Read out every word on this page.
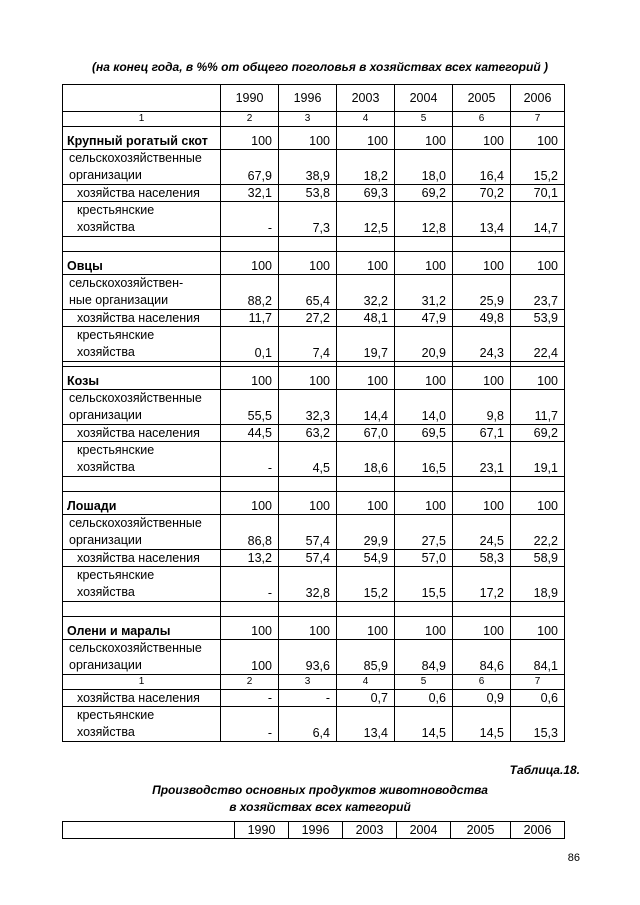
(на конец года, в %% от общего поголовья в хозяйствах всех категорий )
	1990	1996	2003	2004	2005	2006
1	2	3	4	5	6	7
Крупный рогатый скот	100	100	100	100	100	100

сельскохозяйственные
организации	67,9	38,9	18,2	18,0	16,4	15,2
хозяйства населения	32,1	53,8	69,3	69,2	70,2	70,1

крестьянские
хозяйства	-	7,3	12,5	12,8	13,4	14,7

Овцы	100	100	100	100	100	100

сельскохозяйствен-
ные организации	88,2	65,4	32,2	31,2	25,9	23,7
хозяйства населения	11,7	27,2	48,1	47,9	49,8	53,9

крестьянские
хозяйства	0,1	7,4	19,7	20,9	24,3	22,4

Козы	100	100	100	100	100	100

сельскохозяйственные
организации	55,5	32,3	14,4	14,0	9,8	11,7
хозяйства населения	44,5	63,2	67,0	69,5	67,1	69,2

крестьянские
хозяйства	-	4,5	18,6	16,5	23,1	19,1

Лошади	100	100	100	100	100	100

сельскохозяйственные
организации	86,8	57,4	29,9	27,5	24,5	22,2
хозяйства населения	13,2	57,4	54,9	57,0	58,3	58,9

крестьянские
хозяйства	-	32,8	15,2	15,5	17,2	18,9

Олени и маралы	100	100	100	100	100	100

сельскохозяйственные
организации	100	93,6	85,9	84,9	84,6	84,1
1	2	3	4	5	6	7
хозяйства населения	-	-	0,7	0,6	0,9	0,6

крестьянские
хозяйства	-	6,4	13,4	14,5	14,5	15,3
Таблица.18.
Производство основных продуктов животноводства
в хозяйствах всех категорий
	1990	1996	2003	2004	2005	2006
86
